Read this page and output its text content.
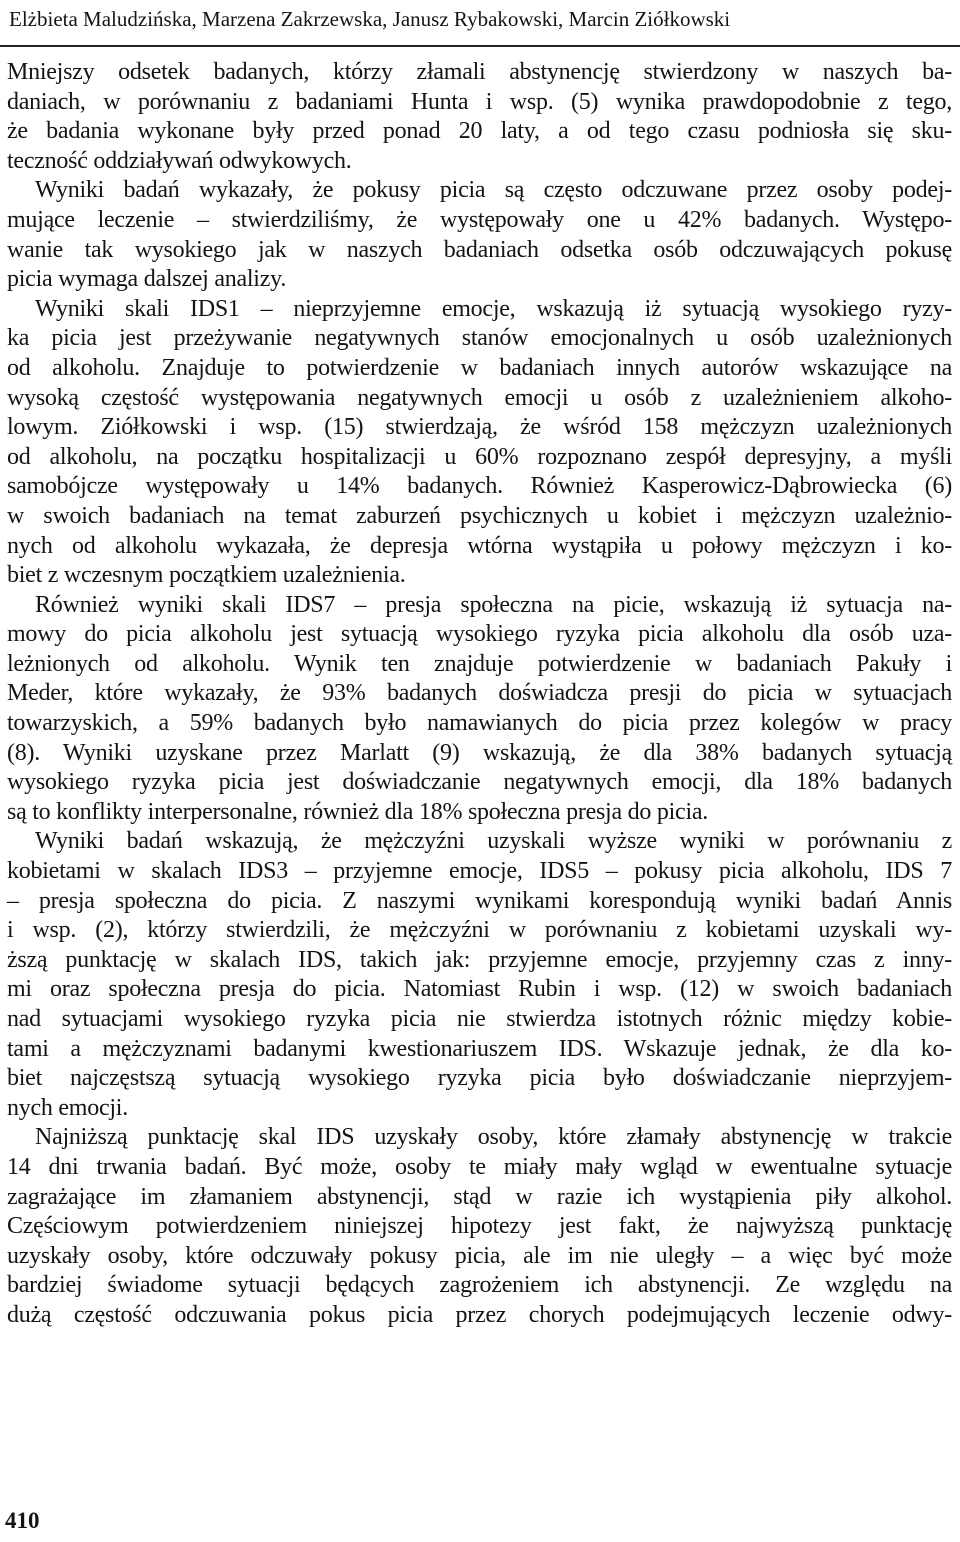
Elżbieta Maludzińska, Marzena Zakrzewska, Janusz Rybakowski, Marcin Ziółkowski
Mniejszy odsetek badanych, którzy złamali abstynencję stwierdzony w naszych ba-
daniach, w porównaniu z badaniami Hunta i wsp. (5) wynika prawdopodobnie z tego,
że badania wykonane były przed ponad 20 laty, a od tego czasu podniosła się sku-
teczność oddziaływań odwykowych.
Wyniki badań wykazały, że pokusy picia są często odczuwane przez osoby podej-
mujące leczenie – stwierdziliśmy, że występowały one u 42% badanych. Występo-
wanie tak wysokiego jak w naszych badaniach odsetka osób odczuwających pokusę
picia wymaga dalszej analizy.
Wyniki skali IDS1 – nieprzyjemne emocje, wskazują iż sytuacją wysokiego ryzy-
ka picia jest przeżywanie negatywnych stanów emocjonalnych u osób uzależnionych
od alkoholu. Znajduje to potwierdzenie w badaniach innych autorów wskazujące na
wysoką częstość występowania negatywnych emocji u osób z uzależnieniem alkoho-
lowym. Ziółkowski i wsp. (15) stwierdzają, że wśród 158 mężczyzn uzależnionych
od alkoholu, na początku hospitalizacji u 60% rozpoznano zespół depresyjny, a myśli
samobójcze występowały u 14% badanych. Również Kasperowicz-Dąbrowiecka (6)
w swoich badaniach na temat zaburzeń psychicznych u kobiet i mężczyzn uzależnio-
nych od alkoholu wykazała, że depresja wtórna wystąpiła u połowy mężczyzn i ko-
biet z wczesnym początkiem uzależnienia.
Również wyniki skali IDS7 – presja społeczna na picie, wskazują iż sytuacja na-
mowy do picia alkoholu jest sytuacją wysokiego ryzyka picia alkoholu dla osób uza-
leżnionych od alkoholu. Wynik ten znajduje potwierdzenie w badaniach Pakuły i
Meder, które wykazały, że 93% badanych doświadcza presji do picia w sytuacjach
towarzyskich, a 59% badanych było namawianych do picia przez kolegów w pracy
(8). Wyniki uzyskane przez Marlatt (9) wskazują, że dla 38% badanych sytuacją
wysokiego ryzyka picia jest doświadczanie negatywnych emocji, dla 18% badanych
są to konflikty interpersonalne, również dla 18% społeczna presja do picia.
Wyniki badań wskazują, że mężczyźni uzyskali wyższe wyniki w porównaniu z
kobietami w skalach IDS3 – przyjemne emocje, IDS5 – pokusy picia alkoholu, IDS 7
– presja społeczna do picia. Z naszymi wynikami korespondują wyniki badań Annis
i wsp. (2), którzy stwierdzili, że mężczyźni w porównaniu z kobietami uzyskali wy-
ższą punktację w skalach IDS, takich jak: przyjemne emocje, przyjemny czas z inny-
mi oraz społeczna presja do picia. Natomiast Rubin i wsp. (12) w swoich badaniach
nad sytuacjami wysokiego ryzyka picia nie stwierdza istotnych różnic między kobie-
tami a mężczyznami badanymi kwestionariuszem IDS. Wskazuje jednak, że dla ko-
biet najczęstszą sytuacją wysokiego ryzyka picia było doświadczanie nieprzyjem-
nych emocji.
Najniższą punktację skal IDS uzyskały osoby, które złamały abstynencję w trakcie
14 dni trwania badań. Być może, osoby te miały mały wgląd w ewentualne sytuacje
zagrażające im złamaniem abstynencji, stąd w razie ich wystąpienia piły alkohol.
Częściowym potwierdzeniem niniejszej hipotezy jest fakt, że najwyższą punktację
uzyskały osoby, które odczuwały pokusy picia, ale im nie uległy – a więc być może
bardziej świadome sytuacji będących zagrożeniem ich abstynencji. Ze względu na
dużą częstość odczuwania pokus picia przez chorych podejmujących leczenie odwy-
410
